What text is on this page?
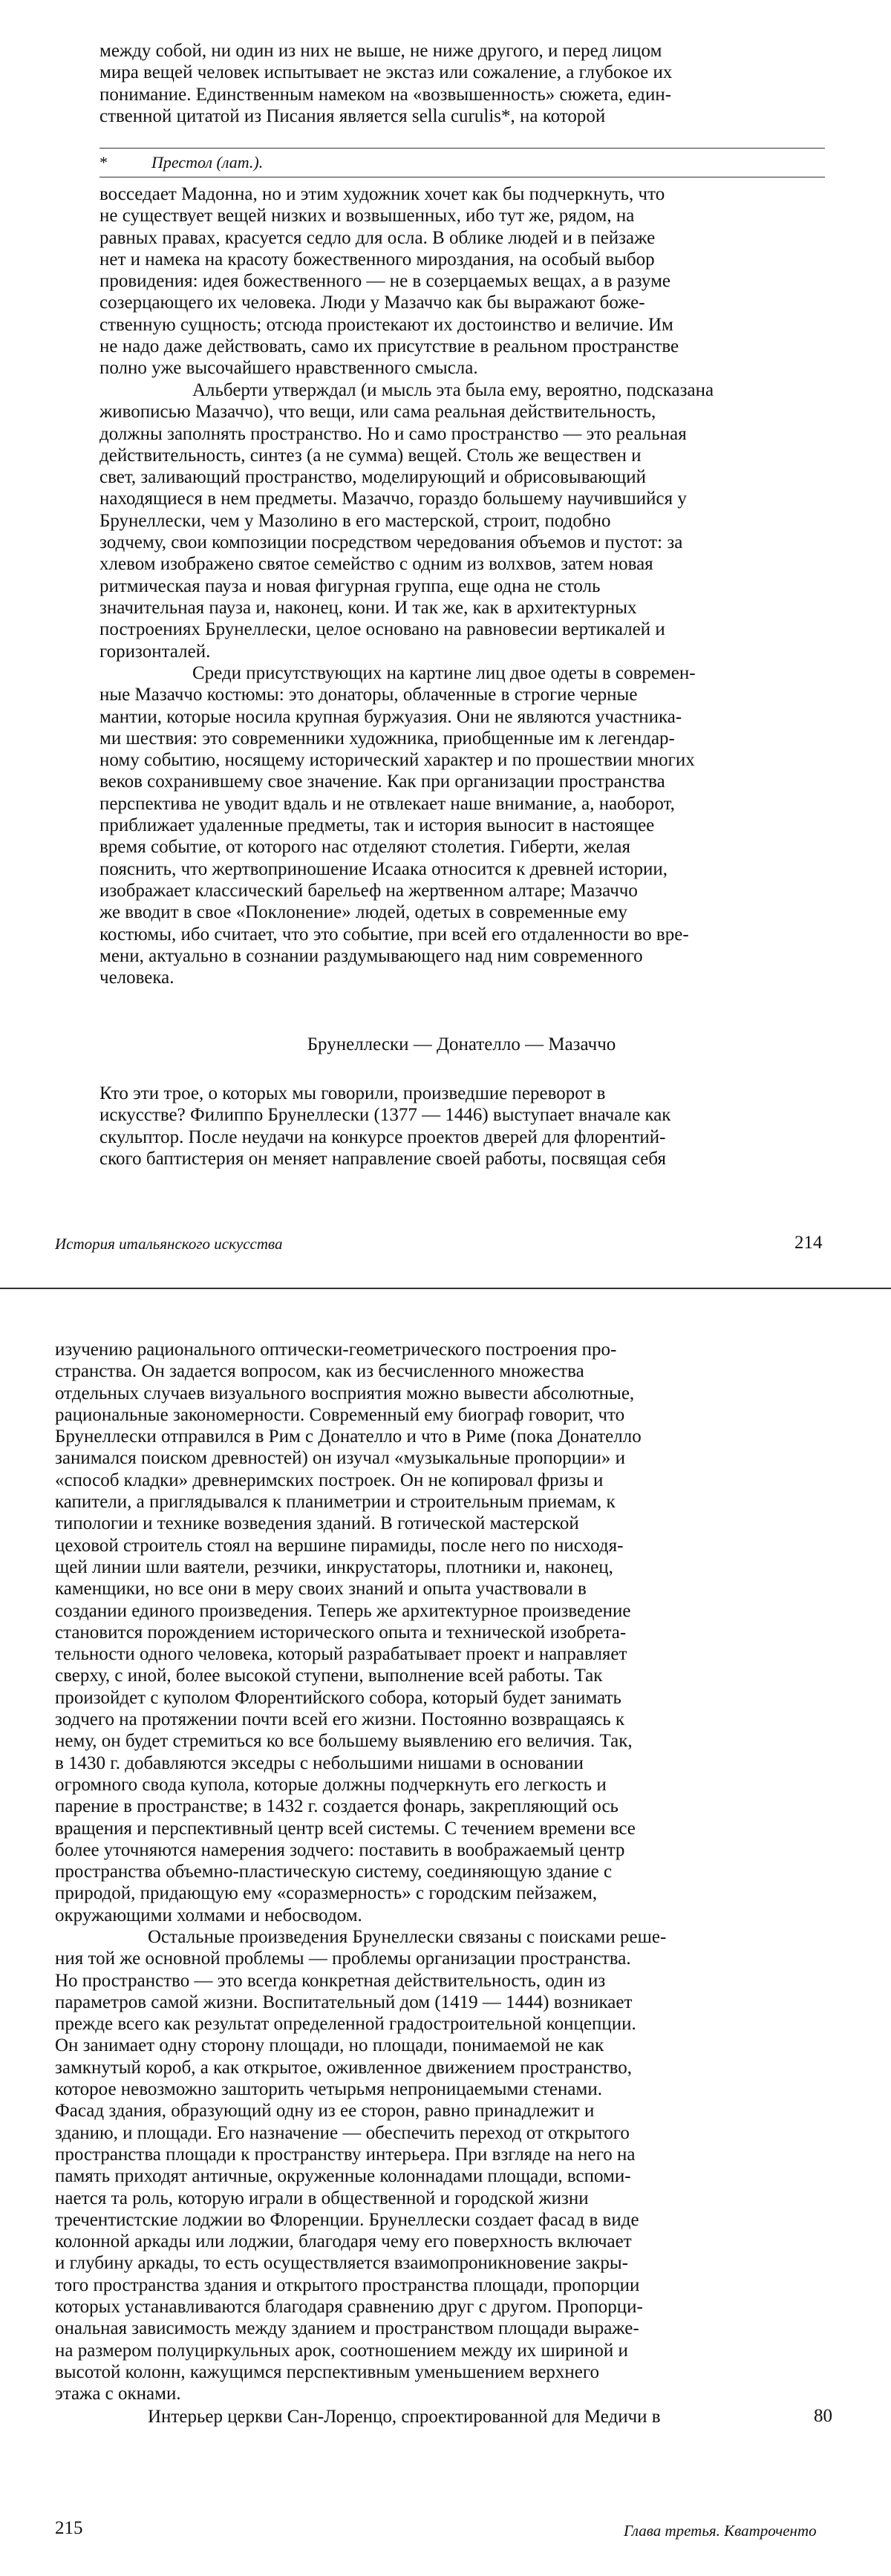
между собой, ни один из них не выше, не ниже другого, и перед лицом
мира вещей человек испытывает не экстаз или сожаление, а глубокое их
понимание. Единственным намеком на «возвышенность» сюжета, един-
ственной цитатой из Писания является sella curulis*, на которой

*	Престол (лат.).

восседает Мадонна, но и этим художник хочет как бы подчеркнуть, что
не существует вещей низких и возвышенных, ибо тут же, рядом, на
равных правах, красуется седло для осла. В облике людей и в пейзаже
нет и намека на красоту божественного мироздания, на особый выбор
провидения: идея божественного — не в созерцаемых вещах, а в разуме
созерцающего их человека. Люди у Мазаччо как бы выражают боже-
ственную сущность; отсюда проистекают их достоинство и величие. Им
не надо даже действовать, само их присутствие в реальном пространстве
полно уже высочайшего нравственного смысла.
Альберти утверждал (и мысль эта была ему, вероятно, подсказана
живописью Мазаччо), что вещи, или сама реальная действительность,
должны заполнять пространство. Но и само пространство — это реальная
действительность, синтез (а не сумма) вещей. Столь же веществен и
свет, заливающий пространство, моделирующий и обрисовывающий
находящиеся в нем предметы. Мазаччо, гораздо большему научившийся у
Брунеллески, чем у Мазолино в его мастерской, строит, подобно
зодчему, свои композиции посредством чередования объемов и пустот: за
хлевом изображено святое семейство с одним из волхвов, затем новая
ритмическая пауза и новая фигурная группа, еще одна не столь
значительная пауза и, наконец, кони. И так же, как в архитектурных
построениях Брунеллески, целое основано на равновесии вертикалей и
горизонталей.
Среди присутствующих на картине лиц двое одеты в современ-
ные Мазаччо костюмы: это донаторы, облаченные в строгие черные
мантии, которые носила крупная буржуазия. Они не являются участника-
ми шествия: это современники художника, приобщенные им к легендар-
ному событию, носящему исторический характер и по прошествии многих
веков сохранившему свое значение. Как при организации пространства
перспектива не уводит вдаль и не отвлекает наше внимание, а, наоборот,
приближает удаленные предметы, так и история выносит в настоящее
время событие, от которого нас отделяют столетия. Гиберти, желая
пояснить, что жертвоприношение Исаака относится к древней истории,
изображает классический барельеф на жертвенном алтаре; Мазаччо
же вводит в свое «Поклонение» людей, одетых в современные ему
костюмы, ибо считает, что это событие, при всей его отдаленности во вре-
мени, актуально в сознании раздумывающего над ним современного
человека.

Брунеллески — Донателло — Мазаччо

Кто эти трое, о которых мы говорили, произведшие переворот в
искусстве? Филиппо Брунеллески (1377 — 1446) выступает вначале как
скульптор. После неудачи на конкурсе проектов дверей для флорентий-
ского баптистерия он меняет направление своей работы, посвящая себя

История итальянского искусства	214

изучению рационального оптически-геометрического построения про-
странства. Он задается вопросом, как из бесчисленного множества
отдельных случаев визуального восприятия можно вывести абсолютные,
рациональные закономерности. Современный ему биограф говорит, что
Брунеллески отправился в Рим с Донателло и что в Риме (пока Донателло
занимался поиском древностей) он изучал «музыкальные пропорции» и
«способ кладки» древнеримских построек. Он не копировал фризы и
капители, а приглядывался к планиметрии и строительным приемам, к
типологии и технике возведения зданий. В готической мастерской
цеховой строитель стоял на вершине пирамиды, после него по нисходя-
щей линии шли ваятели, резчики, инкрустаторы, плотники и, наконец,
каменщики, но все они в меру своих знаний и опыта участвовали в
создании единого произведения. Теперь же архитектурное произведение
становится порождением исторического опыта и технической изобрета-
тельности одного человека, который разрабатывает проект и направляет
сверху, с иной, более высокой ступени, выполнение всей работы. Так
произойдет с куполом Флорентийского собора, который будет занимать
зодчего на протяжении почти всей его жизни. Постоянно возвращаясь к
нему, он будет стремиться ко все большему выявлению его величия. Так,
в 1430 г. добавляются экседры с небольшими нишами в основании
огромного свода купола, которые должны подчеркнуть его легкость и
парение в пространстве; в 1432 г. создается фонарь, закрепляющий ось
вращения и перспективный центр всей системы. С течением времени все
более уточняются намерения зодчего: поставить в воображаемый центр
пространства объемно-пластическую систему, соединяющую здание с
природой, придающую ему «соразмерность» с городским пейзажем,
окружающими холмами и небосводом.
Остальные произведения Брунеллески связаны с поисками реше-
ния той же основной проблемы — проблемы организации пространства.
Но пространство — это всегда конкретная действительность, один из
параметров самой жизни. Воспитательный дом (1419 — 1444) возникает
прежде всего как результат определенной градостроительной концепции.
Он занимает одну сторону площади, но площади, понимаемой не как
замкнутый короб, а как открытое, оживленное движением пространство,
которое невозможно зашторить четырьмя непроницаемыми стенами.
Фасад здания, образующий одну из ее сторон, равно принадлежит и
зданию, и площади. Его назначение — обеспечить переход от открытого
пространства площади к пространству интерьера. При взгляде на него на
память приходят античные, окруженные колоннадами площади, вспоми-
нается та роль, которую играли в общественной и городской жизни
тречентистские лоджии во Флоренции. Брунеллески создает фасад в виде
колонной аркады или лоджии, благодаря чему его поверхность включает
и глубину аркады, то есть осуществляется взаимопроникновение закры-
того пространства здания и открытого пространства площади, пропорции
которых устанавливаются благодаря сравнению друг с другом. Пропорци-
ональная зависимость между зданием и пространством площади выраже-
на размером полуциркульных арок, соотношением между их шириной и
высотой колонн, кажущимся перспективным уменьшением верхнего
этажа с окнами.
Интерьер церкви Сан-Лоренцо, спроектированной для Медичи в	80

215	Глава третья. Кватроченто
